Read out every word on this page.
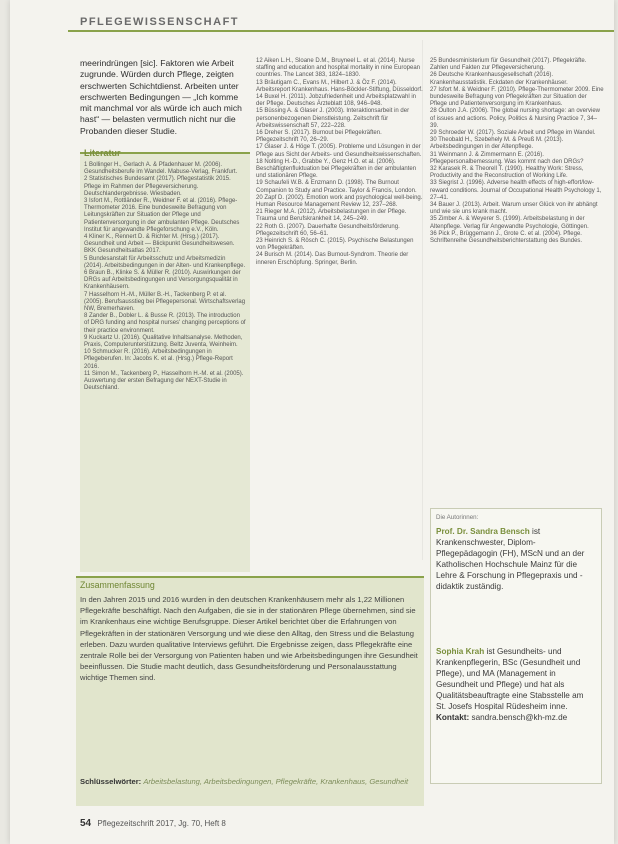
PFLEGEWISSENSCHAFT
meerindrüngen [sic]. Faktoren wie Arbeit zugrunde. Würden durch Pflege, zeigten erschwerten Schichtdienst. Arbeiten unter erschwerten Bedingungen — „Ich komme mit manchmal vor als würde ich auch mich hast“ — belasten vermutlich nicht nur die Probanden dieser Studie.
Literatur

1 Bollinger H., Gerlach A. & Pfadenhauer M. (2006). Gesundheitsberufe im Wandel. Mabuse-Verlag, Frankfurt.

2 Statistisches Bundesamt (2017). Pflegestatistik 2015. Pflege im Rahmen der Pflegeversicherung. Deutschlandergebnisse. Wiesbaden.

3 Isfort M., Rottländer R., Weidner F. et al. (2016). Pflege-Thermometer 2016. Eine bundesweite Befragung von Leitungskräften zur Situation der Pflege und Patientenversorgung in der ambulanten Pflege. Deutsches Institut für angewandte Pflegeforschung e.V., Köln.

4 Kliner K., Rennert D. & Richter M. (Hrsg.) (2017). Gesundheit und Arbeit — Blickpunkt Gesundheitswesen. BKK Gesundheitsatlas 2017.

5 Bundesanstalt für Arbeitsschutz und Arbeitsmedizin (2014). Arbeitsbedingungen in der Alten- und Krankenpflege.

6 Braun B., Klinke S. & Müller R. (2010). Auswirkungen der DRGs auf Arbeitsbedingungen und Versorgungsqualität in Krankenhäusern.

7 Hasselhorn H.-M., Müller B.-H., Tackenberg P. et al. (2005). Berufsausstieg bei Pflegepersonal. Wirtschaftsverlag NW, Bremerhaven.

8 Zander B., Dobler L. & Busse R. (2013). The introduction of DRG funding and hospital nurses' changing perceptions of their practice environment.

9 Kuckartz U. (2016). Qualitative Inhaltsanalyse. Methoden, Praxis, Computerunterstützung. Beltz Juventa, Weinheim.

10 Schmucker R. (2016). Arbeitsbedingungen in Pflegeberufen. In: Jacobs K. et al. (Hrsg.) Pflege-Report 2016.

11 Simon M., Tackenberg P., Hasselhorn H.-M. et al. (2005). Auswertung der ersten Befragung der NEXT-Studie in Deutschland.

12 Aiken L.H., Sloane D.M., Bruyneel L. et al. (2014). Nurse staffing and education and hospital mortality in nine European countries. The Lancet 383, 1824–1830.

13 Bräutigam C., Evans M., Hilbert J. & Öz F. (2014). Arbeitsreport Krankenhaus. Hans-Böckler-Stiftung, Düsseldorf.

14 Buxel H. (2011). Jobzufriedenheit und Arbeitsplatzwahl in der Pflege. Deutsches Ärzteblatt 108, 946–948.

15 Büssing A. & Glaser J. (2003). Interaktionsarbeit in der personenbezogenen Dienstleistung. Zeitschrift für Arbeitswissenschaft 57, 222–228.

16 Dreher S. (2017). Burnout bei Pflegekräften. Pflegezeitschrift 70, 26–29.

17 Glaser J. & Höge T. (2005). Probleme und Lösungen in der Pflege aus Sicht der Arbeits- und Gesundheitswissenschaften.

18 Nolting H.-D., Grabbe Y., Genz H.O. et al. (2006). Beschäftigtenfluktuation bei Pflegekräften in der ambulanten und stationären Pflege.

19 Schaufeli W.B. & Enzmann D. (1998). The Burnout Companion to Study and Practice. Taylor & Francis, London.

20 Zapf D. (2002). Emotion work and psychological well-being. Human Resource Management Review 12, 237–268.

21 Rieger M.A. (2012). Arbeitsbelastungen in der Pflege. Trauma und Berufskrankheit 14, 245–249.

22 Roth G. (2007). Dauerhafte Gesundheitsförderung. Pflegezeitschrift 60, 56–61.

23 Heinrich S. & Rösch C. (2015). Psychische Belastungen von Pflegekräften.

24 Burisch M. (2014). Das Burnout-Syndrom. Theorie der inneren Erschöpfung. Springer, Berlin.

25 Bundesministerium für Gesundheit (2017). Pflegekräfte. Zahlen und Fakten zur Pflegeversicherung.

26 Deutsche Krankenhausgesellschaft (2016). Krankenhausstatistik. Eckdaten der Krankenhäuser.

27 Isfort M. & Weidner F. (2010). Pflege-Thermometer 2009. Eine bundesweite Befragung von Pflegekräften zur Situation der Pflege und Patientenversorgung im Krankenhaus.

28 Oulton J.A. (2006). The global nursing shortage: an overview of issues and actions. Policy, Politics & Nursing Practice 7, 34–39.

29 Schroeder W. (2017). Soziale Arbeit und Pflege im Wandel.

30 Theobald H., Szebehely M. & Preuß M. (2013). Arbeitsbedingungen in der Altenpflege.

31 Weinmann J. & Zimmermann E. (2016). Pflegepersonalbemessung. Was kommt nach den DRGs?

32 Karasek R. & Theorell T. (1990). Healthy Work: Stress, Productivity and the Reconstruction of Working Life.

33 Siegrist J. (1996). Adverse health effects of high-effort/low-reward conditions. Journal of Occupational Health Psychology 1, 27–41.

34 Bauer J. (2013). Arbeit. Warum unser Glück von ihr abhängt und wie sie uns krank macht.

35 Zimber A. & Weyerer S. (1999). Arbeitsbelastung in der Altenpflege. Verlag für Angewandte Psychologie, Göttingen.

36 Pick P., Brüggemann J., Grote C. et al. (2004). Pflege. Schriftenreihe Gesundheitsberichterstattung des Bundes.

Die Autorinnen:
Prof. Dr. Sandra Bensch ist Krankenschwester, Diplom-Pflegepädagogin (FH), MScN und an der Katholischen Hochschule Mainz für die Lehre & Forschung in Pflegepraxis und -didaktik zuständig.
Sophia Krah ist Gesundheits- und Krankenpflegerin, BSc (Gesundheit und Pflege), und MA (Management in Gesundheit und Pflege) und hat als Qualitätsbeauftragte eine Stabsstelle am St. Josefs Hospital Rüdesheim inne.
Kontakt: sandra.bensch@kh-mz.de
Zusammenfassung
In den Jahren 2015 und 2016 wurden in den deutschen Krankenhäusern mehr als 1,22 Millionen Pflegekräfte beschäftigt. Nach den Aufgaben, die sie in der stationären Pflege übernehmen, sind sie im Krankenhaus eine wichtige Berufsgruppe. Dieser Artikel berichtet über die Erfahrungen von Pflegekräften in der stationären Versorgung und wie diese den Alltag, den Stress und die Belastung erleben. Dazu wurden qualitative Interviews geführt. Die Ergebnisse zeigen, dass Pflegekräfte eine zentrale Rolle bei der Versorgung von Patienten haben und wie Arbeitsbedingungen ihre Gesundheit beeinflussen. Die Studie macht deutlich, dass Gesundheitsförderung und Personalausstattung wichtige Themen sind.
Schlüsselwörter: Arbeitsbelastung, Arbeitsbedingungen, Pflegekräfte, Krankenhaus, Gesundheit
54 Pflegezeitschrift 2017, Jg. 70, Heft 8
